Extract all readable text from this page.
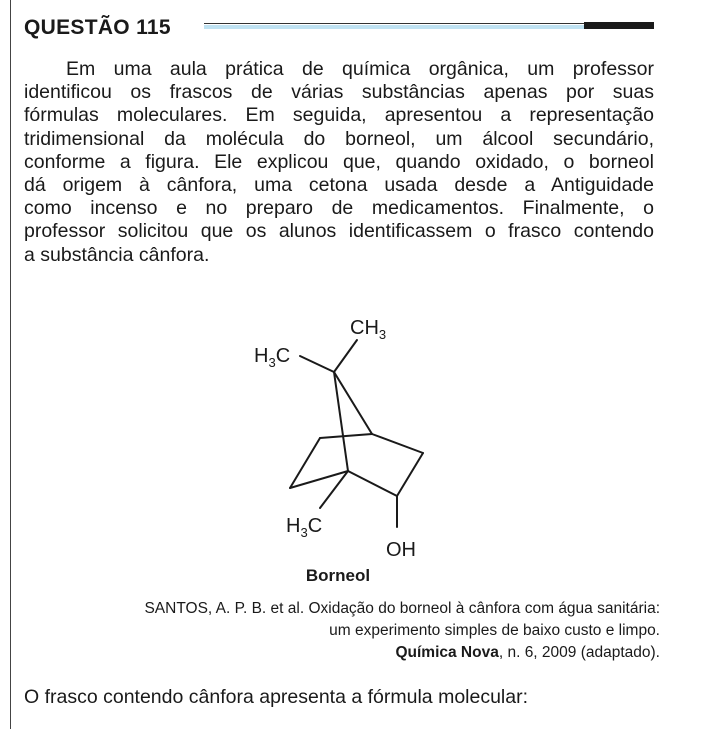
QUESTÃO 115
Em uma aula prática de química orgânica, um professor
identificou os frascos de várias substâncias apenas por suas
fórmulas moleculares. Em seguida, apresentou a representação
tridimensional da molécula do borneol, um álcool secundário,
conforme a figura. Ele explicou que, quando oxidado, o borneol
dá origem à cânfora, uma cetona usada desde a Antiguidade
como incenso e no preparo de medicamentos. Finalmente, o
professor solicitou que os alunos identificassem o frasco contendo
a substância cânfora.
$CH_3$
$H_3C$
$H_3C$
OH
Borneol
SANTOS, A. P. B. et al. Oxidação do borneol à cânfora com água sanitária:
um experimento simples de baixo custo e limpo.
Química Nova, n. 6, 2009 (adaptado).
O frasco contendo cânfora apresenta a fórmula molecular:
